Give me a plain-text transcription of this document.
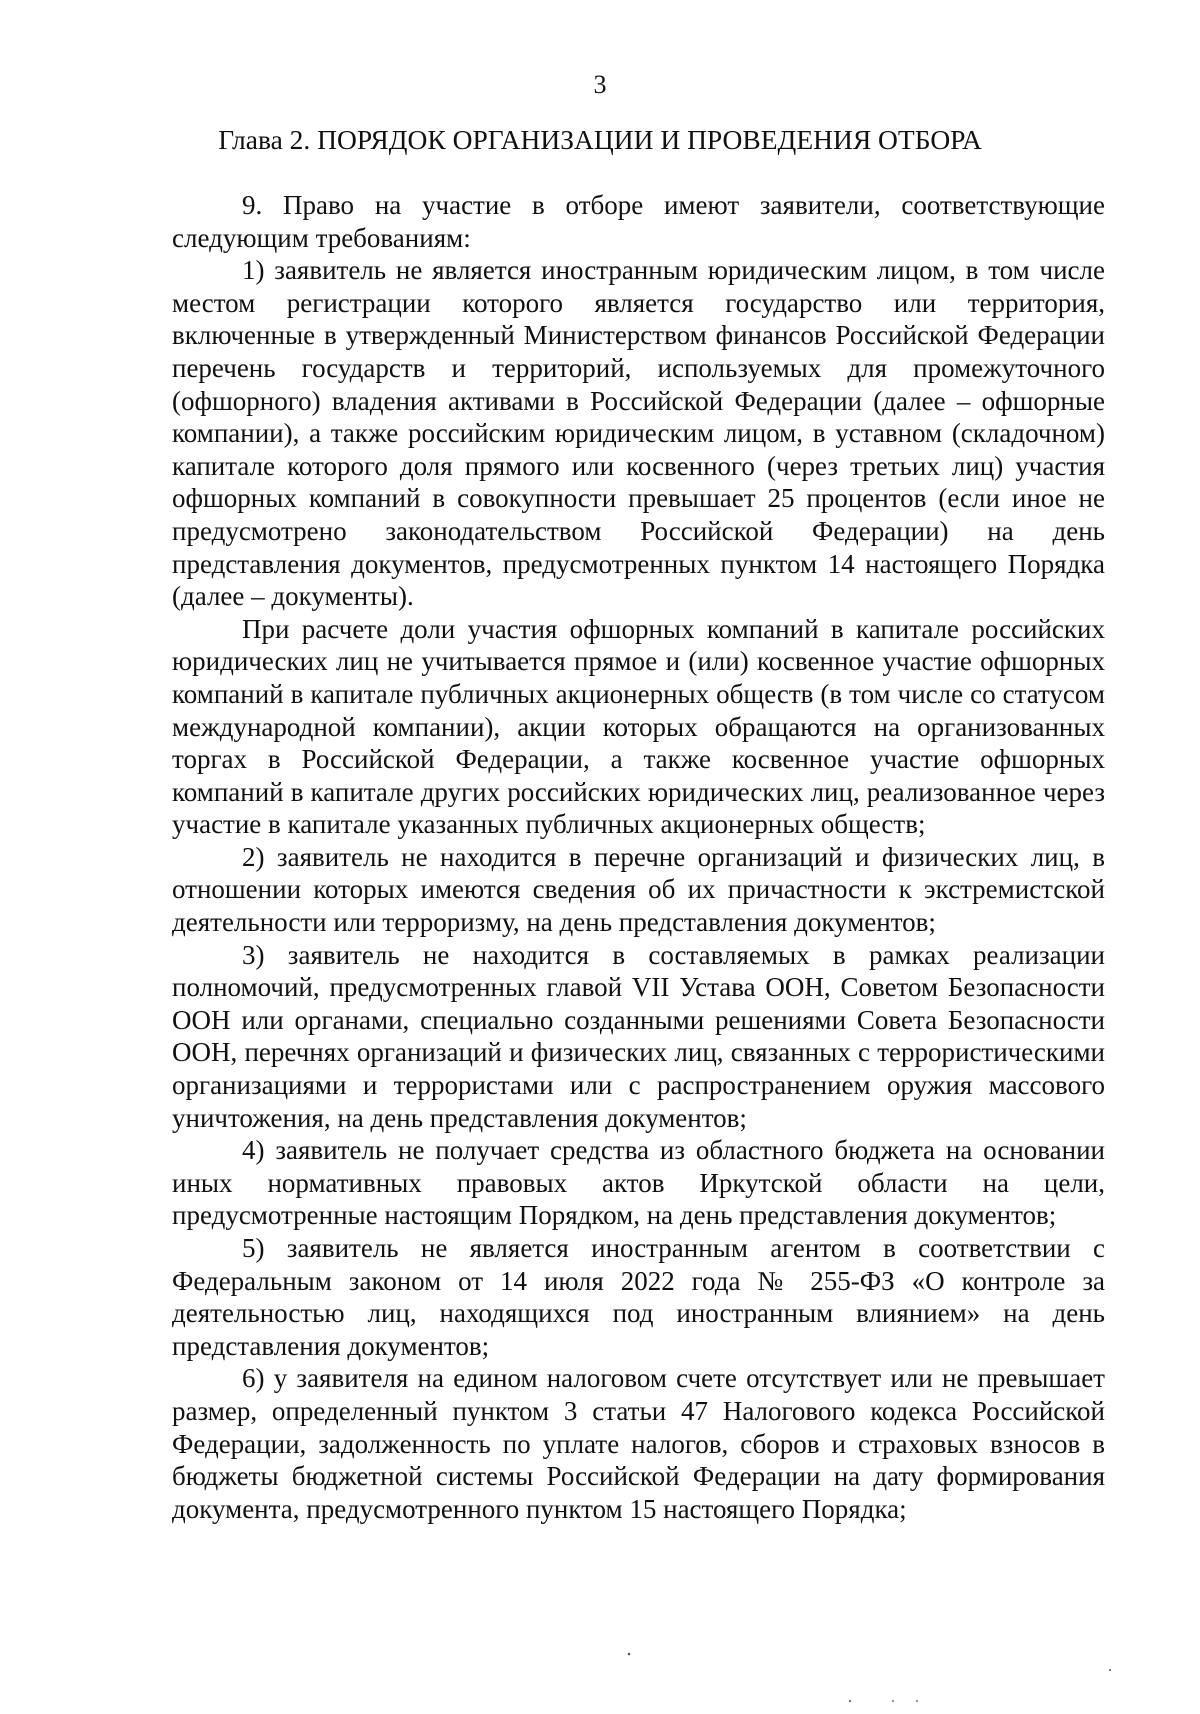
3
Глава 2. ПОРЯДОК ОРГАНИЗАЦИИ И ПРОВЕДЕНИЯ ОТБОРА

9. Право на участие в отборе имеют заявители, соответствующие следующим требованиям:

1) заявитель не является иностранным юридическим лицом, в том числе местом регистрации которого является государство или территория, включенные в утвержденный Министерством финансов Российской Федерации перечень государств и территорий, используемых для промежуточного (офшорного) владения активами в Российской Федерации (далее – офшорные компании), а также российским юридическим лицом, в уставном (складочном) капитале которого доля прямого или косвенного (через третьих лиц) участия офшорных компаний в совокупности превышает 25 процентов (если иное не предусмотрено законодательством Российской Федерации) на день представления документов, предусмотренных пунктом 14 настоящего Порядка (далее – документы).

При расчете доли участия офшорных компаний в капитале российских юридических лиц не учитывается прямое и (или) косвенное участие офшорных компаний в капитале публичных акционерных обществ (в том числе со статусом международной компании), акции которых обращаются на организованных торгах в Российской Федерации, а также косвенное участие офшорных компаний в капитале других российских юридических лиц, реализованное через участие в капитале указанных публичных акционерных обществ;

2) заявитель не находится в перечне организаций и физических лиц, в отношении которых имеются сведения об их причастности к экстремистской деятельности или терроризму, на день представления документов;

3) заявитель не находится в составляемых в рамках реализации полномочий, предусмотренных главой VII Устава ООН, Советом Безопасности ООН или органами, специально созданными решениями Совета Безопасности ООН, перечнях организаций и физических лиц, связанных с террористическими организациями и террористами или с распространением оружия массового уничтожения, на день представления документов;

4) заявитель не получает средства из областного бюджета на основании иных нормативных правовых актов Иркутской области на цели, предусмотренные настоящим Порядком, на день представления документов;

5) заявитель не является иностранным агентом в соответствии с Федеральным законом от 14 июля 2022 года № 255-ФЗ «О контроле за деятельностью лиц, находящихся под иностранным влиянием» на день представления документов;

6) у заявителя на едином налоговом счете отсутствует или не превышает размер, определенный пунктом 3 статьи 47 Налогового кодекса Российской Федерации, задолженность по уплате налогов, сборов и страховых взносов в бюджеты бюджетной системы Российской Федерации на дату формирования документа, предусмотренного пунктом 15 настоящего Порядка;
